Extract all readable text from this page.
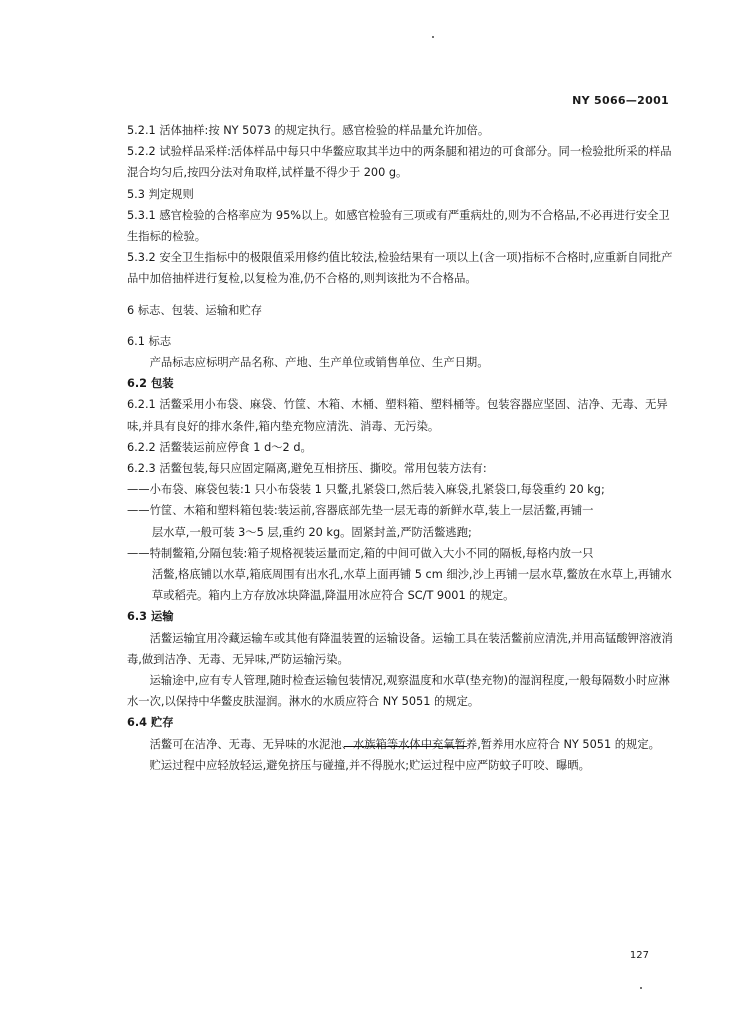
NY 5066—2001

5.2.1 活体抽样:按 NY 5073 的规定执行。感官检验的样品量允许加倍。

5.2.2 试验样品采样:活体样品中每只中华鳖应取其半边中的两条腿和裙边的可食部分。同一检验批所采的样品混合均匀后,按四分法对角取样,试样量不得少于 200 g。

5.3 判定规则

5.3.1 感官检验的合格率应为 95%以上。如感官检验有三项或有严重病灶的,则为不合格品,不必再进行安全卫生指标的检验。

5.3.2 安全卫生指标中的极限值采用修约值比较法,检验结果有一项以上(含一项)指标不合格时,应重新自同批产品中加倍抽样进行复检,以复检为准,仍不合格的,则判该批为不合格品。

6 标志、包装、运输和贮存

6.1 标志

产品标志应标明产品名称、产地、生产单位或销售单位、生产日期。

6.2 包装

6.2.1 活鳖采用小布袋、麻袋、竹筐、木箱、木桶、塑料箱、塑料桶等。包装容器应坚固、洁净、无毒、无异味,并具有良好的排水条件,箱内垫充物应清洗、消毒、无污染。

6.2.2 活鳖装运前应停食 1 d～2 d。

6.2.3 活鳖包装,每只应固定隔离,避免互相挤压、撕咬。常用包装方法有:

——小布袋、麻袋包装:1 只小布袋装 1 只鳖,扎紧袋口,然后装入麻袋,扎紧袋口,每袋重约 20 kg;

——竹筐、木箱和塑料箱包装:装运前,容器底部先垫一层无毒的新鲜水草,装上一层活鳖,再铺一

层水草,一般可装 3～5 层,重约 20 kg。固紧封盖,严防活鳖逃跑;

——特制鳖箱,分隔包装:箱子规格视装运量而定,箱的中间可做入大小不同的隔板,每格内放一只

活鳖,格底铺以水草,箱底周围有出水孔,水草上面再铺 5 cm 细沙,沙上再铺一层水草,鳖放在水草上,再铺水草或稻壳。箱内上方存放冰块降温,降温用冰应符合 SC/T 9001 的规定。

6.3 运输

活鳖运输宜用冷藏运输车或其他有降温装置的运输设备。运输工具在装活鳖前应清洗,并用高锰酸钾溶液消毒,做到洁净、无毒、无异味,严防运输污染。

运输途中,应有专人管理,随时检查运输包装情况,观察温度和水草(垫充物)的湿润程度,一般每隔数小时应淋水一次,以保持中华鳖皮肤湿润。淋水的水质应符合 NY 5051 的规定。

6.4 贮存

活鳖可在洁净、无毒、无异味的水泥池、水族箱等水体中充氧暂养,暂养用水应符合 NY 5051 的规定。

贮运过程中应轻放轻运,避免挤压与碰撞,并不得脱水;贮运过程中应严防蚊子叮咬、曝晒。

127
